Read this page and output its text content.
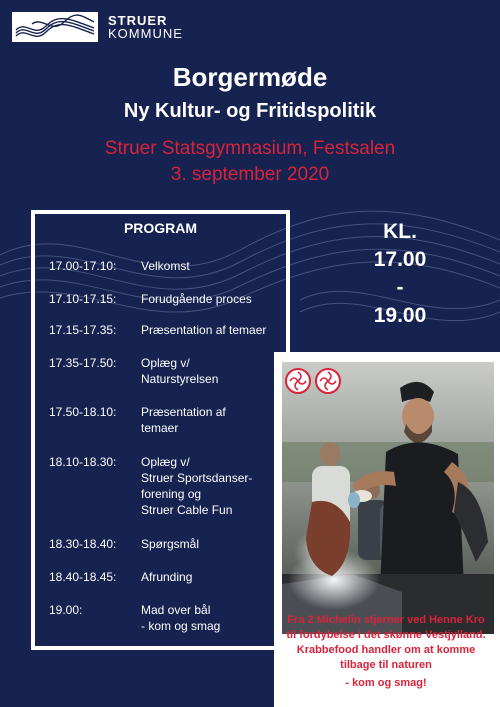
STRUER
KOMMUNE
Borgermøde
Ny Kultur- og Fritidspolitik
Struer Statsgymnasium, Festsalen
3. september 2020
PROGRAM
17.00-17.10:	Velkomst
17.10-17.15:	Forudgående proces
17.15-17.35:	Præsentation af temaer
17.35-17.50:	Oplæg v/
Naturstyrelsen
17.50-18.10:	Præsentation af
temaer
18.10-18.30:	Oplæg v/
Struer Sportsdanser-
forening og
Struer Cable Fun
18.30-18.40:	Spørgsmål
18.40-18.45:	Afrunding
19.00:	Mad over bål
- kom og smag
KL.
17.00
-
19.00
Fra 2 Michelin stjerner ved Henne Kro
til fordybelse i det skønne Vestjylland.
Krabbefood handler om at komme
tilbage til naturen
- kom og smag!
